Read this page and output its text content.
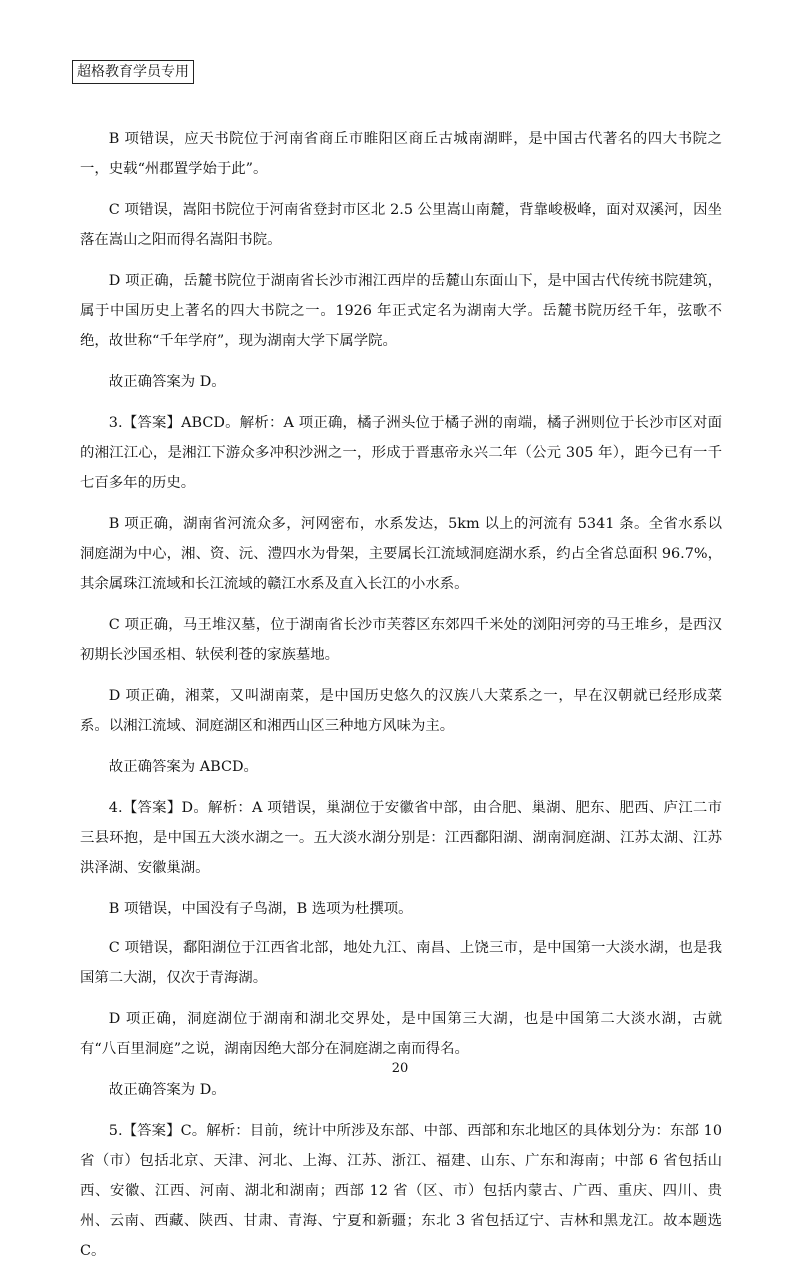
超格教育学员专用

B 项错误，应天书院位于河南省商丘市睢阳区商丘古城南湖畔，是中国古代著名的四大书院之一，史载“州郡置学始于此”。

C 项错误，嵩阳书院位于河南省登封市区北 2.5 公里嵩山南麓，背靠峻极峰，面对双溪河，因坐落在嵩山之阳而得名嵩阳书院。

D 项正确，岳麓书院位于湖南省长沙市湘江西岸的岳麓山东面山下，是中国古代传统书院建筑，属于中国历史上著名的四大书院之一。1926 年正式定名为湖南大学。岳麓书院历经千年，弦歌不绝，故世称“千年学府”，现为湖南大学下属学院。

故正确答案为 D。

3.【答案】ABCD。解析：A 项正确，橘子洲头位于橘子洲的南端，橘子洲则位于长沙市区对面的湘江江心，是湘江下游众多冲积沙洲之一，形成于晋惠帝永兴二年（公元 305 年），距今已有一千七百多年的历史。

B 项正确，湖南省河流众多，河网密布，水系发达，5km 以上的河流有 5341 条。全省水系以洞庭湖为中心，湘、资、沅、澧四水为骨架，主要属长江流域洞庭湖水系，约占全省总面积 96.7%，其余属珠江流域和长江流域的赣江水系及直入长江的小水系。

C 项正确，马王堆汉墓，位于湖南省长沙市芙蓉区东郊四千米处的浏阳河旁的马王堆乡，是西汉初期长沙国丞相、轪侯利苍的家族墓地。

D 项正确，湘菜，又叫湖南菜，是中国历史悠久的汉族八大菜系之一，早在汉朝就已经形成菜系。以湘江流域、洞庭湖区和湘西山区三种地方风味为主。

故正确答案为 ABCD。

4.【答案】D。解析：A 项错误，巢湖位于安徽省中部，由合肥、巢湖、肥东、肥西、庐江二市三县环抱，是中国五大淡水湖之一。五大淡水湖分别是：江西鄱阳湖、湖南洞庭湖、江苏太湖、江苏洪泽湖、安徽巢湖。

B 项错误，中国没有子鸟湖，B 选项为杜撰项。

C 项错误，鄱阳湖位于江西省北部，地处九江、南昌、上饶三市，是中国第一大淡水湖，也是我国第二大湖，仅次于青海湖。

D 项正确，洞庭湖位于湖南和湖北交界处，是中国第三大湖，也是中国第二大淡水湖，古就有“八百里洞庭”之说，湖南因绝大部分在洞庭湖之南而得名。

故正确答案为 D。

5.【答案】C。解析：目前，统计中所涉及东部、中部、西部和东北地区的具体划分为：东部 10 省（市）包括北京、天津、河北、上海、江苏、浙江、福建、山东、广东和海南；中部 6 省包括山西、安徽、江西、河南、湖北和湖南；西部 12 省（区、市）包括内蒙古、广西、重庆、四川、贵州、云南、西藏、陕西、甘肃、青海、宁夏和新疆；东北 3 省包括辽宁、吉林和黑龙江。故本题选 C。

20
